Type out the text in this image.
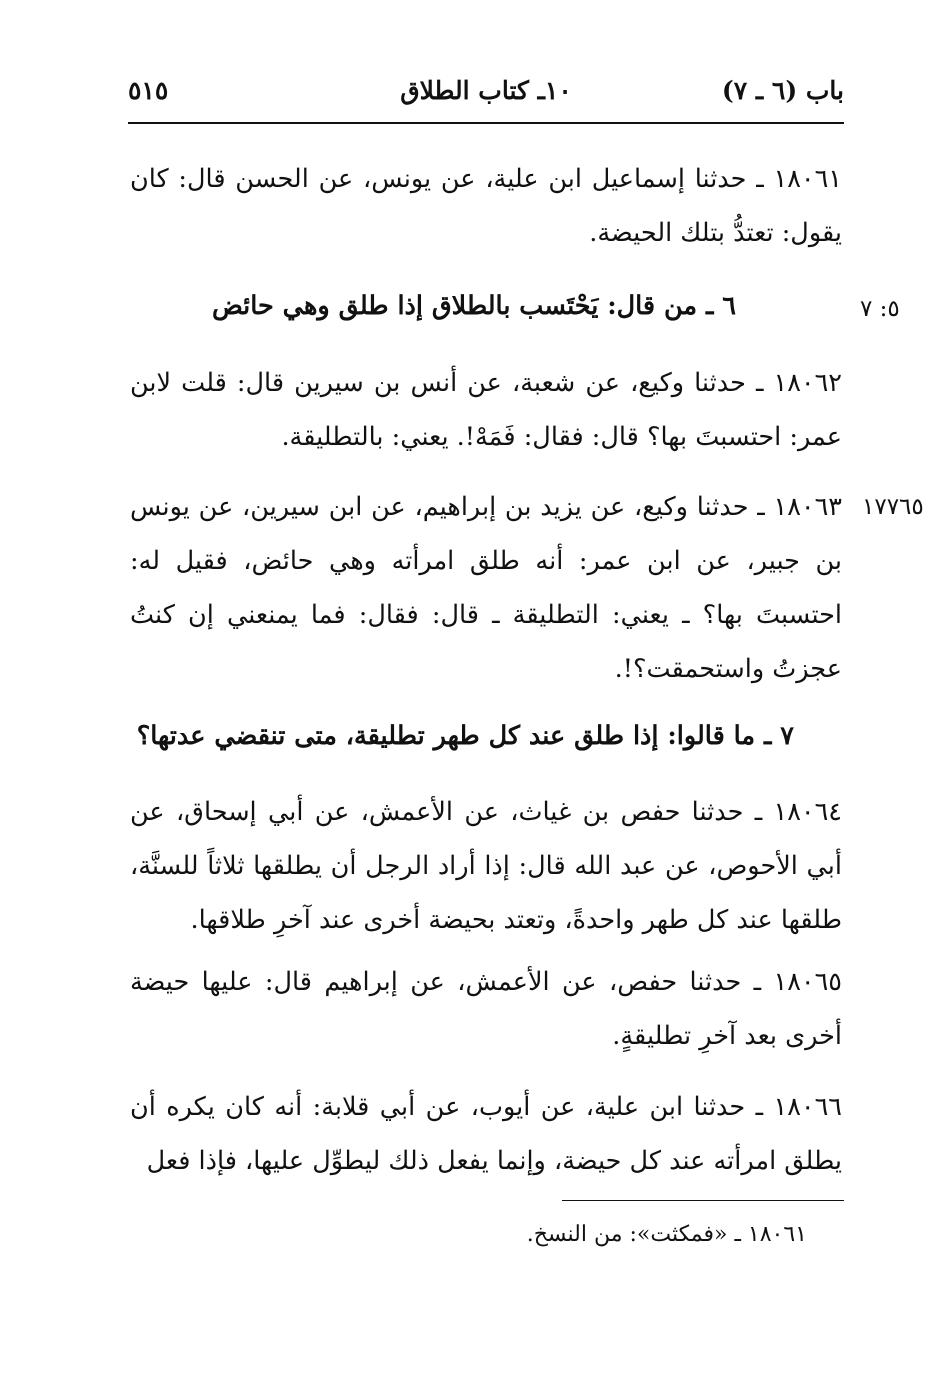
باب (٦ ـ ٧)
١٠ـ كتاب الطلاق
٥١٥

١٨٠٦١ ـ حدثنا إسماعيل ابن علية، عن يونس، عن الحسن قال: كان يقول: تعتدُّ بتلك الحيضة.

٥: ٧
٦ ـ من قال: يَحْتَسب بالطلاق إذا طلق وهي حائض

١٨٠٦٢ ـ حدثنا وكيع، عن شعبة، عن أنس بن سيرين قال: قلت لابن عمر: احتسبتَ بها؟ قال: فقال: فَمَهْ!. يعني: بالتطليقة.

١٧٧٦٥

١٨٠٦٣ ـ حدثنا وكيع، عن يزيد بن إبراهيم، عن ابن سيرين، عن يونس بن جبير، عن ابن عمر: أنه طلق امرأته وهي حائض، فقيل له: احتسبتَ بها؟ ـ يعني: التطليقة ـ قال: فقال: فما يمنعني إن كنتُ عجزتُ واستحمقت؟!.

٧ ـ ما قالوا: إذا طلق عند كل طهر تطليقة، متى تنقضي عدتها؟

١٨٠٦٤ ـ حدثنا حفص بن غياث، عن الأعمش، عن أبي إسحاق، عن أبي الأحوص، عن عبد الله قال: إذا أراد الرجل أن يطلقها ثلاثاً للسنَّة، طلقها عند كل طهر واحدةً، وتعتد بحيضة أخرى عند آخرِ طلاقها.

١٨٠٦٥ ـ حدثنا حفص، عن الأعمش، عن إبراهيم قال: عليها حيضة أخرى بعد آخرِ تطليقةٍ.

١٨٠٦٦ ـ حدثنا ابن علية، عن أيوب، عن أبي قلابة: أنه كان يكره أن يطلق امرأته عند كل حيضة، وإنما يفعل ذلك ليطوِّل عليها، فإذا فعل

١٨٠٦١ ـ «فمكثت»: من النسخ.
